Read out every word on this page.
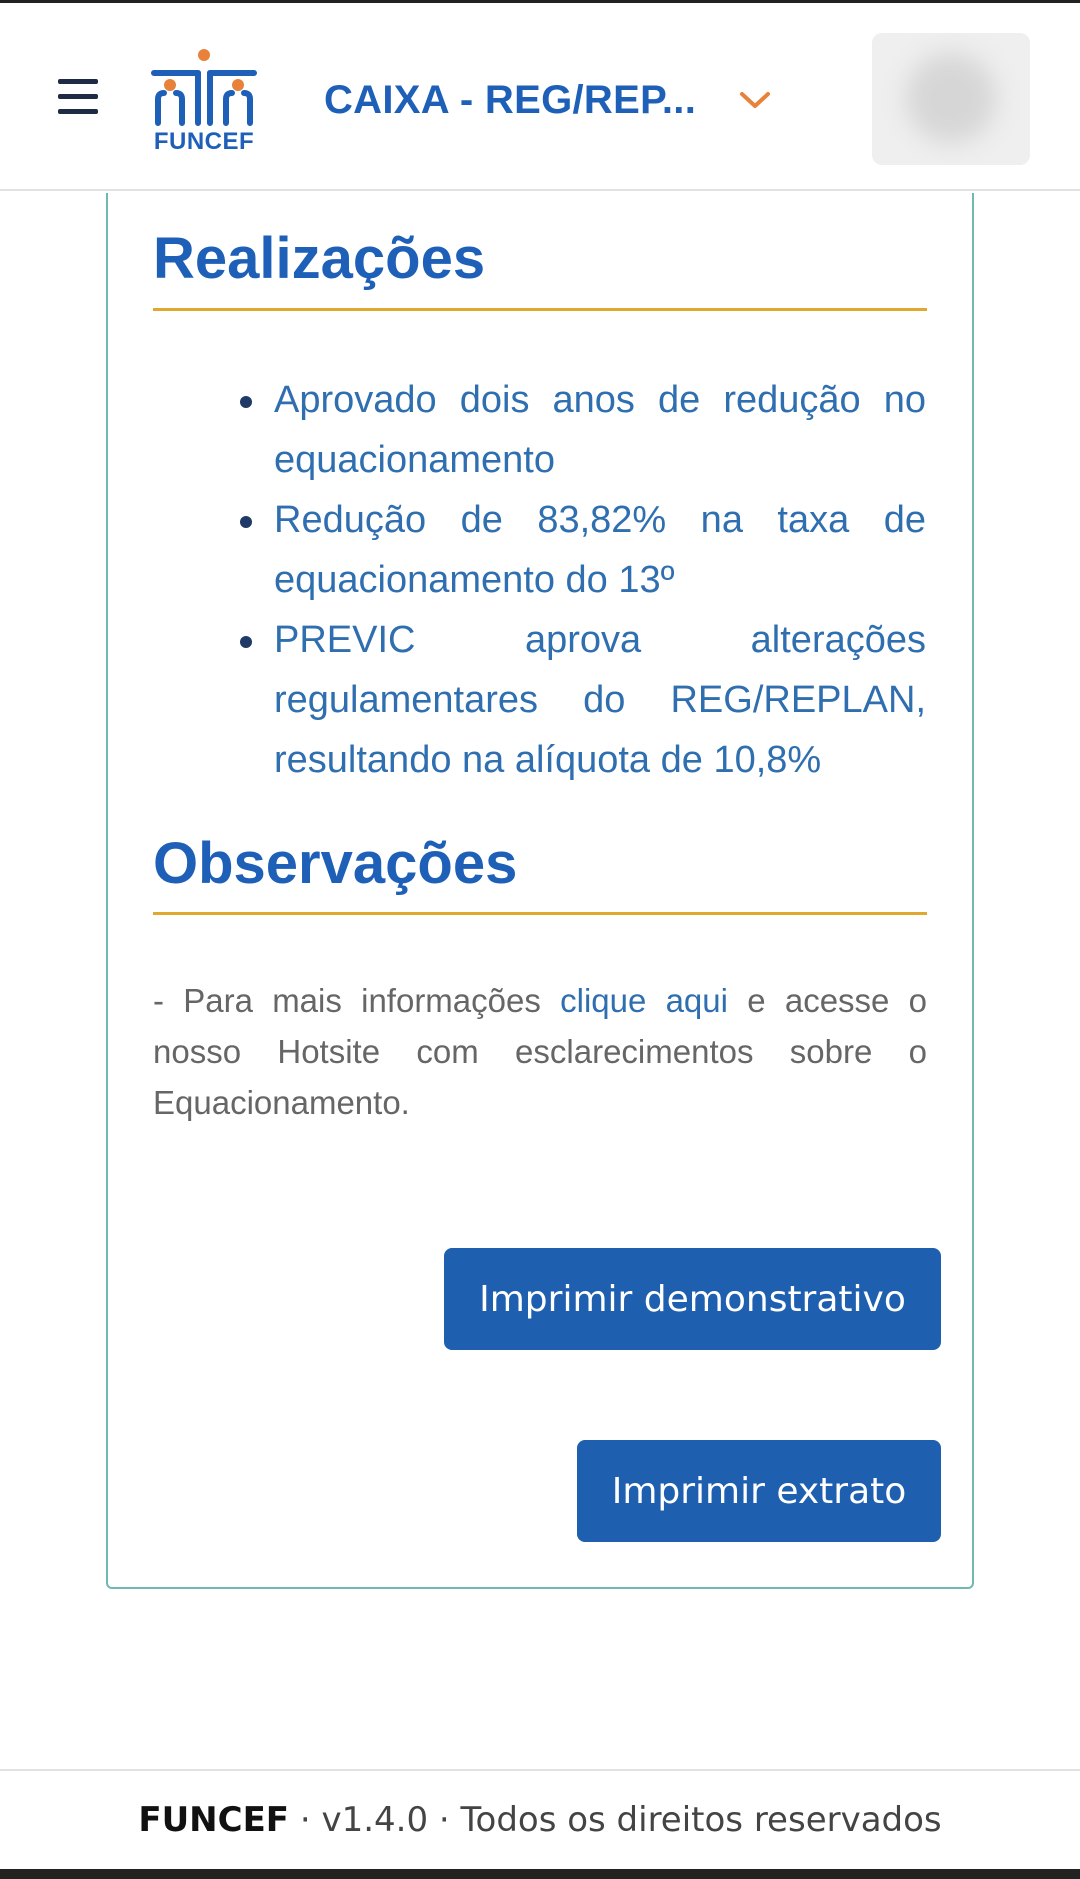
FUNCEF
CAIXA - REG/REP...
Realizações
Aprovado dois anos de redução no equacionamento
Redução de 83,82% na taxa de equacionamento do 13º
PREVIC aprova alterações regulamentares do REG/REPLAN, resultando na alíquota de 10,8%
Observações

- Para mais informações clique aqui e acesse o nosso Hotsite com esclarecimentos sobre o Equacionamento.

Imprimir demonstrativo
Imprimir extrato
FUNCEF · v1.4.0 · Todos os direitos reservados
